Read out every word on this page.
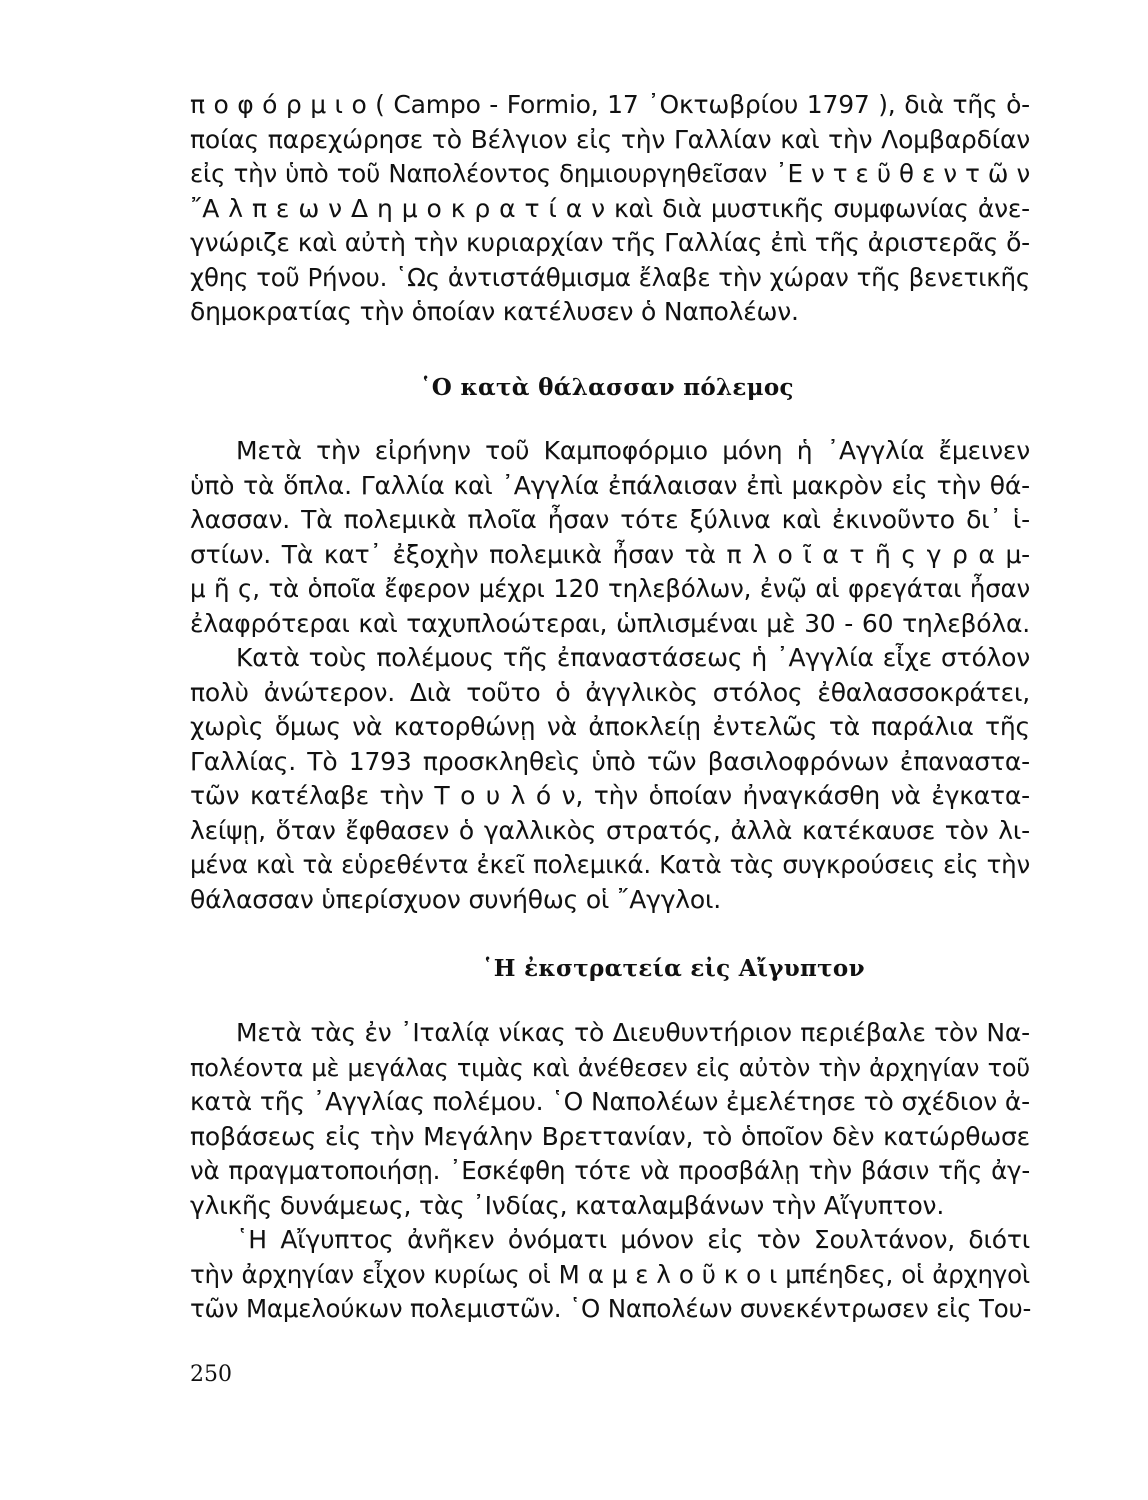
π ο φ ό ρ μ ι ο ( Campo - Formio, 17 ᾿Οκτωβρίου 1797 ), διὰ τῆς ὁ-
ποίας παρεχώρησε τὸ Βέλγιον εἰς τὴν Γαλλίαν καὶ τὴν Λομβαρδίαν
εἰς τὴν ὑπὸ τοῦ Ναπολέοντος δημιουργηθεῖσαν ᾿Ε ν τ ε ῦ θ ε ν τ ῶ ν
῎Α λ π ε ω ν Δ η μ ο κ ρ α τ ί α ν καὶ διὰ μυστικῆς συμφωνίας ἀνε-
γνώριζε καὶ αὐτὴ τὴν κυριαρχίαν τῆς Γαλλίας ἐπὶ τῆς ἀριστερᾶς ὄ-
χθης τοῦ Ρήνου. ῾Ως ἀντιστάθμισμα ἔλαβε τὴν χώραν τῆς βενετικῆς
δημοκρατίας τὴν ὁποίαν κατέλυσεν ὁ Ναπολέων.
῾Ο κατὰ θάλασσαν πόλεμος
Μετὰ τὴν εἰρήνην τοῦ Καμποφόρμιο μόνη ἡ ᾿Αγγλία ἔμεινεν
ὑπὸ τὰ ὅπλα. Γαλλία καὶ ᾿Αγγλία ἐπάλαισαν ἐπὶ μακρὸν εἰς τὴν θά-
λασσαν. Τὰ πολεμικὰ πλοῖα ἦσαν τότε ξύλινα καὶ ἐκινοῦντο δι᾿ ἱ-
στίων. Τὰ κατ᾿ ἐξοχὴν πολεμικὰ ἦσαν τὰ π λ ο ῖ α τ ῆ ς γ ρ α μ-
μ ῆ ς, τὰ ὁποῖα ἔφερον μέχρι 120 τηλεβόλων, ἐνῷ αἱ φρεγάται ἦσαν
ἐλαφρότεραι καὶ ταχυπλοώτεραι, ὡπλισμέναι μὲ 30 - 60 τηλεβόλα.
Κατὰ τοὺς πολέμους τῆς ἐπαναστάσεως ἡ ᾿Αγγλία εἶχε στόλον
πολὺ ἀνώτερον. Διὰ τοῦτο ὁ ἀγγλικὸς στόλος ἐθαλασσοκράτει,
χωρὶς ὅμως νὰ κατορθώνῃ νὰ ἀποκλείῃ ἐντελῶς τὰ παράλια τῆς
Γαλλίας. Τὸ 1793 προσκληθεὶς ὑπὸ τῶν βασιλοφρόνων ἐπαναστα-
τῶν κατέλαβε τὴν Τ ο υ λ ό ν, τὴν ὁποίαν ἠναγκάσθη νὰ ἐγκατα-
λείψῃ, ὅταν ἔφθασεν ὁ γαλλικὸς στρατός, ἀλλὰ κατέκαυσε τὸν λι-
μένα καὶ τὰ εὑρεθέντα ἐκεῖ πολεμικά. Κατὰ τὰς συγκρούσεις εἰς τὴν
θάλασσαν ὑπερίσχυον συνήθως οἱ ῎Αγγλοι.
῾Η ἐκστρατεία εἰς Αἴγυπτον
Μετὰ τὰς ἐν ᾿Ιταλίᾳ νίκας τὸ Διευθυντήριον περιέβαλε τὸν Να-
πολέοντα μὲ μεγάλας τιμὰς καὶ ἀνέθεσεν εἰς αὐτὸν τὴν ἀρχηγίαν τοῦ
κατὰ τῆς ᾿Αγγλίας πολέμου. ῾Ο Ναπολέων ἐμελέτησε τὸ σχέδιον ἀ-
ποβάσεως εἰς τὴν Μεγάλην Βρεττανίαν, τὸ ὁποῖον δὲν κατώρθωσε
νὰ πραγματοποιήσῃ. ᾿Εσκέφθη τότε νὰ προσβάλῃ τὴν βάσιν τῆς ἀγ-
γλικῆς δυνάμεως, τὰς ᾿Ινδίας, καταλαμβάνων τὴν Αἴγυπτον.
῾Η Αἴγυπτος ἀνῆκεν ὀνόματι μόνον εἰς τὸν Σουλτάνον, διότι
τὴν ἀρχηγίαν εἶχον κυρίως οἱ Μ α μ ε λ ο ῦ κ ο ι μπέηδες, οἱ ἀρχηγοὶ
τῶν Μαμελούκων πολεμιστῶν. ῾Ο Ναπολέων συνεκέντρωσεν εἰς Του-
250
